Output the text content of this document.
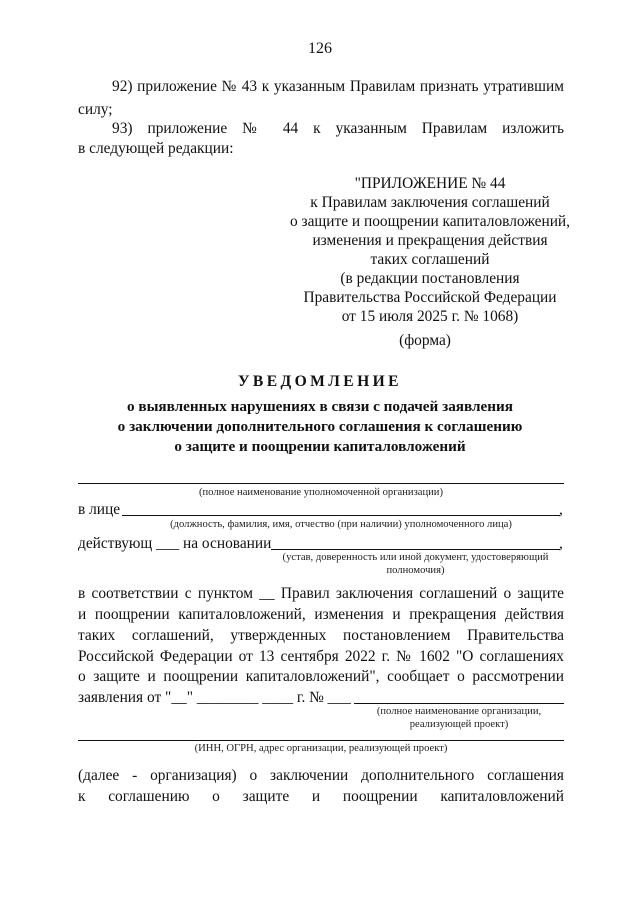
126
92) приложение № 43 к указанным Правилам признать утратившим
силу;
93) приложение № 44 к указанным Правилам изложить
в следующей редакции:
"ПРИЛОЖЕНИЕ № 44
к Правилам заключения соглашений
о защите и поощрении капиталовложений,
изменения и прекращения действия
таких соглашений
(в редакции постановления
Правительства Российской Федерации
от 15 июля 2025 г. № 1068)
(форма)
УВЕДОМЛЕНИЕ
о выявленных нарушениях в связи с подачей заявления
о заключении дополнительного соглашения к соглашению
о защите и поощрении капиталовложений
(полное наименование уполномоченной организации)
в лице	,
(должность, фамилия, имя, отчество (при наличии) уполномоченного лица)
действующ ___ на основании	,
(устав, доверенность или иной документ, удостоверяющий
полномочия)
в соответствии с пунктом __ Правил заключения соглашений о защите
и поощрении капиталовложений, изменения и прекращения действия
таких соглашений, утвержденных постановлением Правительства
Российской Федерации от 13 сентября 2022 г. № 1602 "О соглашениях
о защите и поощрении капиталовложений", сообщает о рассмотрении
заявления от "__" ________ ____ г. № ___
(полное наименование организации,
реализующей проект)
(ИНН, ОГРН, адрес организации, реализующей проект)
(далее - организация) о заключении дополнительного соглашения
к соглашению о защите и поощрении капиталовложений
